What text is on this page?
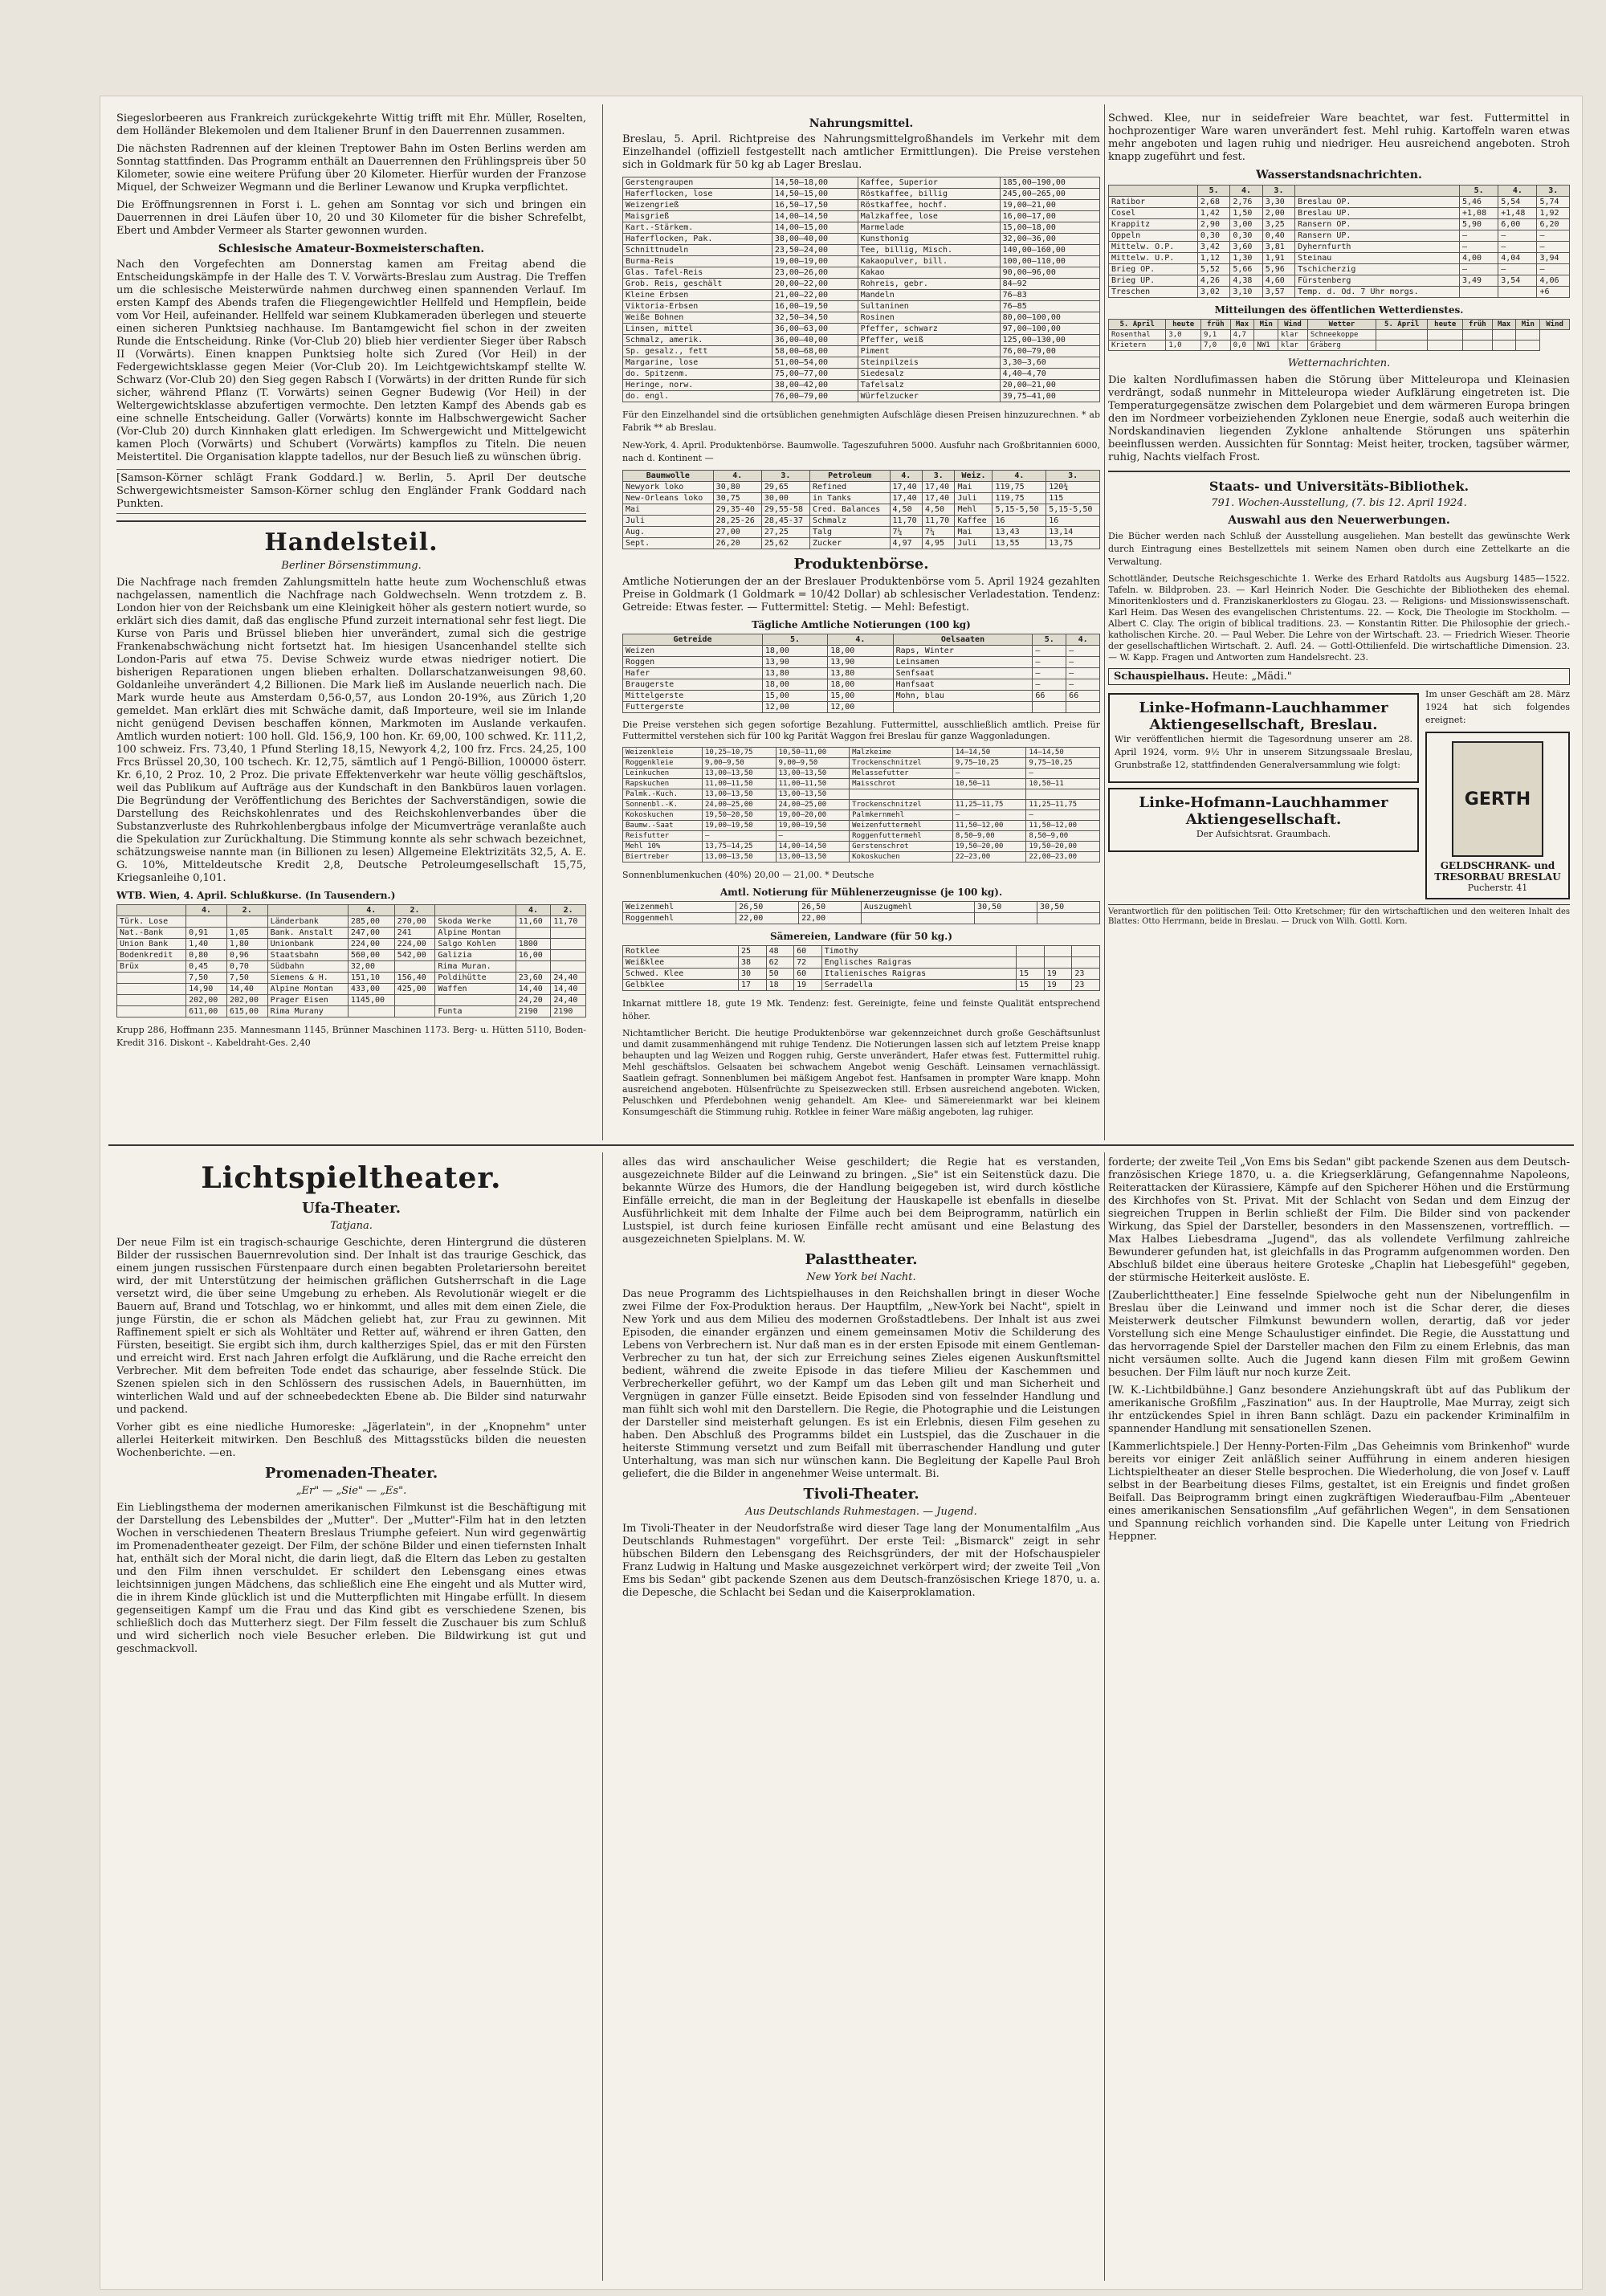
Siegeslorbeeren aus Frankreich zurückgekehrte Wittig trifft mit Ehr. Müller, Roselten, dem Holländer Blekemolen und dem Italiener Brunf in den Dauerrennen zusammen.

Die nächsten Radrennen auf der kleinen Treptower Bahn im Osten Berlins werden am Sonntag stattfinden. Das Programm enthält an Dauerrennen den Frühlingspreis über 50 Kilometer, sowie eine weitere Prüfung über 20 Kilometer. Hierfür wurden der Franzose Miquel, der Schweizer Wegmann und die Berliner Lewanow und Krupka verpflichtet.

Die Eröffnungsrennen in Forst i. L. gehen am Sonntag vor sich und bringen ein Dauerrennen in drei Läufen über 10, 20 und 30 Kilometer für die bisher Schrefelbt, Ebert und Ambder Vermeer als Starter gewonnen wurden.

Schlesische Amateur-Boxmeisterschaften.

Nach den Vorgefechten am Donnerstag kamen am Freitag abend die Entscheidungskämpfe in der Halle des T. V. Vorwärts-Breslau zum Austrag. Die Treffen um die schlesische Meisterwürde nahmen durchweg einen spannenden Verlauf. Im ersten Kampf des Abends trafen die Fliegengewichtler Hellfeld und Hempflein, beide vom Vor Heil, aufeinander. Hellfeld war seinem Klubkameraden überlegen und steuerte einen sicheren Punktsieg nachhause. Im Bantamgewicht fiel schon in der zweiten Runde die Entscheidung. Rinke (Vor-Club 20) blieb hier verdienter Sieger über Rabsch II (Vorwärts). Einen knappen Punktsieg holte sich Zured (Vor Heil) in der Federgewichtsklasse gegen Meier (Vor-Club 20). Im Leichtgewichtskampf stellte W. Schwarz (Vor-Club 20) den Sieg gegen Rabsch I (Vorwärts) in der dritten Runde für sich sicher, während Pflanz (T. Vorwärts) seinen Gegner Budewig (Vor Heil) in der Weltergewichtsklasse abzufertigen vermochte. Den letzten Kampf des Abends gab es eine schnelle Entscheidung. Galler (Vorwärts) konnte im Halbschwergewicht Sacher (Vor-Club 20) durch Kinnhaken glatt erledigen. Im Schwergewicht und Mittelgewicht kamen Ploch (Vorwärts) und Schubert (Vorwärts) kampflos zu Titeln. Die neuen Meistertitel. Die Organisation klappte tadellos, nur der Besuch ließ zu wünschen übrig.

[Samson-Körner schlägt Frank Goddard.] w. Berlin, 5. April Der deutsche Schwergewichtsmeister Samson-Körner schlug den Engländer Frank Goddard nach Punkten.

Handelsteil.
Berliner Börsenstimmung.

Die Nachfrage nach fremden Zahlungsmitteln hatte heute zum Wochenschluß etwas nachgelassen, namentlich die Nachfrage nach Goldwechseln. Wenn trotzdem z. B. London hier von der Reichsbank um eine Kleinigkeit höher als gestern notiert wurde, so erklärt sich dies damit, daß das englische Pfund zurzeit international sehr fest liegt. Die Kurse von Paris und Brüssel blieben hier unverändert, zumal sich die gestrige Frankenabschwächung nicht fortsetzt hat. Im hiesigen Usancenhandel stellte sich London-Paris auf etwa 75. Devise Schweiz wurde etwas niedriger notiert. Die bisherigen Reparationen ungen blieben erhalten. Dollarschatzanweisungen 98,60. Goldanleihe unverändert 4,2 Billionen. Die Mark ließ im Auslande neuerlich nach. Die Mark wurde heute aus Amsterdam 0,56-0,57, aus London 20-19%, aus Zürich 1,20 gemeldet. Man erklärt dies mit Schwäche damit, daß Importeure, weil sie im Inlande nicht genügend Devisen beschaffen können, Markmoten im Auslande verkaufen. Amtlich wurden notiert: 100 holl. Gld. 156,9, 100 hon. Kr. 69,00, 100 schwed. Kr. 111,2, 100 schweiz. Frs. 73,40, 1 Pfund Sterling 18,15, Newyork 4,2, 100 frz. Frcs. 24,25, 100 Frcs Brüssel 20,30, 100 tschech. Kr. 12,75, sämtlich auf 1 Pengö-Billion, 100000 österr. Kr. 6,10, 2 Proz. 10, 2 Proz. Die private Effektenverkehr war heute völlig geschäftslos, weil das Publikum auf Aufträge aus der Kundschaft in den Bankbüros lauen vorlagen. Die Begründung der Veröffentlichung des Berichtes der Sachverständigen, sowie die Darstellung des Reichskohlenrates und des Reichskohlenverbandes über die Substanzverluste des Ruhrkohlenbergbaus infolge der Micumverträge veranlaßte auch die Spekulation zur Zurückhaltung. Die Stimmung konnte als sehr schwach bezeichnet, schätzungsweise nannte man (in Billionen zu lesen) Allgemeine Elektrizitäts 32,5, A. E. G. 10%, Mitteldeutsche Kredit 2,8, Deutsche Petroleumgesellschaft 15,75, Kriegsanleihe 0,101.

WTB. Wien, 4. April. Schlußkurse. (In Tausendern.)
	4.	2.		4.	2.		4.	2.
Türk. Lose			Länderbank	285,00	270,00	Skoda Werke	11,60	11,70
Nat.-Bank	0,91	1,05	Bank. Anstalt	247,00	241	Alpine Montan		
Union Bank	1,40	1,80	Unionbank	224,00	224,00	Salgo Kohlen	1800	
Bodenkredit	0,80	0,96	Staatsbahn	560,00	542,00	Galizia	16,00	
Brüx	0,45	0,70	Südbahn	32,00		Rima Muran.		
	7,50	7,50	Siemens & H.	151,10	156,40	Poldihütte	23,60	24,40
	14,90	14,40	Alpine Montan	433,00	425,00	Waffen	14,40	14,40
	202,00	202,00	Prager Eisen	1145,00			24,20	24,40
	611,00	615,00	Rima Murany			Funta	2190	2190

Krupp 286, Hoffmann 235. Mannesmann 1145, Brünner Maschinen 1173. Berg- u. Hütten 5110, Boden-Kredit 316. Diskont -. Kabeldraht-Ges. 2,40

Nahrungsmittel.

Breslau, 5. April. Richtpreise des Nahrungsmittelgroßhandels im Verkehr mit dem Einzelhandel (offiziell festgestellt nach amtlicher Ermittlungen). Die Preise verstehen sich in Goldmark für 50 kg ab Lager Breslau.

Gerstengraupen	14,50—18,00	Kaffee, Superior	185,00—190,00
Haferflocken, lose	14,50—15,00	Röstkaffee, billig	245,00—265,00
Weizengrieß	16,50—17,50	Röstkaffee, hochf.	19,00—21,00
Maisgrieß	14,00—14,50	Malzkaffee, lose	16,00—17,00
Kart.-Stärkem.	14,00—15,00	Marmelade	15,00—18,00
Haferflocken, Pak.	38,00—40,00	Kunsthonig	32,00—36,00
Schnittnudeln	23,50—24,00	Tee, billig, Misch.	140,00—160,00
Burma-Reis	19,00—19,00	Kakaopulver, bill.	100,00—110,00
Glas. Tafel-Reis	23,00—26,00	Kakao	90,00—96,00
Grob. Reis, geschält	20,00—22,00	Rohreis, gebr.	84—92
Kleine Erbsen	21,00—22,00	Mandeln	76—83
Viktoria-Erbsen	16,00—19,50	Sultaninen	76—85
Weiße Bohnen	32,50—34,50	Rosinen	80,00—100,00
Linsen, mittel	36,00—63,00	Pfeffer, schwarz	97,00—100,00
Schmalz, amerik.	36,00—40,00	Pfeffer, weiß	125,00—130,00
Sp. gesalz., fett	58,00—68,00	Piment	76,00—79,00
Margarine, lose	51,00—54,00	Steinpilzeis	3,30—3,60
do. Spitzenm.	75,00—77,00	Siedesalz	4,40—4,70
Heringe, norw.	38,00—42,00	Tafelsalz	20,00—21,00
do. engl.	76,00—79,00	Würfelzucker	39,75—41,00

Für den Einzelhandel sind die ortsüblichen genehmigten Aufschläge diesen Preisen hinzuzurechnen. * ab Fabrik ** ab Breslau.

New-York, 4. April. Produktenbörse. Baumwolle. Tageszufuhren 5000. Ausfuhr nach Großbritannien 6000, nach d. Kontinent —

Baumwolle	4.	3.	Petroleum	4.	3.	Weiz.	4.	3.
Newyork loko	30,80	29,65	Refined	17,40	17,40	Mai	119,75	120¾
New-Orleans loko	30,75	30,00	in Tanks	17,40	17,40	Juli	119,75	115
Mai	29,35-40	29,55-58	Cred. Balances	4,50	4,50	Mehl	5,15-5,50	5,15-5,50
Juli	28,25-26	28,45-37	Schmalz	11,70	11,70	Kaffee	16	16
Aug.	27,00	27,25	Talg	7¼	7¼	Mai	13,43	13,14
Sept.	26,20	25,62	Zucker	4,97	4,95	Juli	13,55	13,75
Produktenbörse.

Amtliche Notierungen der an der Breslauer Produktenbörse vom 5. April 1924 gezahlten Preise in Goldmark (1 Goldmark = 10/42 Dollar) ab schlesischer Verladestation. Tendenz: Getreide: Etwas fester. — Futtermittel: Stetig. — Mehl: Befestigt.

Tägliche Amtliche Notierungen (100 kg)
Getreide	5.	4.	Oelsaaten	5.	4.
Weizen	18,00	18,00	Raps, Winter	—	—
Roggen	13,90	13,90	Leinsamen	—	—
Hafer	13,80	13,80	Senfsaat	—	—
Braugerste	18,00	18,00	Hanfsaat	—	—
Mittelgerste	15,00	15,00	Mohn, blau	66	66
Futtergerste	12,00	12,00			

Die Preise verstehen sich gegen sofortige Bezahlung. Futtermittel, ausschließlich amtlich. Preise für Futtermittel verstehen sich für 100 kg Parität Waggon frei Breslau für ganze Waggonladungen.

Weizenkleie	10,25—10,75	10,50—11,00	Malzkeime	14—14,50	14—14,50
Roggenkleie	9,00—9,50	9,00—9,50	Trockenschnitzel	9,75—10,25	9,75—10,25
Leinkuchen	13,00—13,50	13,00—13,50	Melassefutter	—	—
Rapskuchen	11,00—11,50	11,00—11,50	Maisschrot	10,50—11	10,50—11
Palmk.-Kuch.	13,00—13,50	13,00—13,50			
Sonnenbl.-K.	24,00—25,00	24,00—25,00	Trockenschnitzel	11,25—11,75	11,25—11,75
Kokoskuchen	19,50—20,50	19,00—20,00	Palmkernmehl	—	—
Baumw.-Saat	19,00—19,50	19,00—19,50	Weizenfuttermehl	11,50—12,00	11,50—12,00
Reisfutter	—	—	Roggenfuttermehl	8,50—9,00	8,50—9,00
Mehl 10%	13,75—14,25	14,00—14,50	Gerstenschrot	19,50—20,00	19,50—20,00
Biertreber	13,00—13,50	13,00—13,50	Kokoskuchen	22—23,00	22,00—23,00

Sonnenblumenkuchen (40%) 20,00 — 21,00. * Deutsche

Amtl. Notierung für Mühlenerzeugnisse (je 100 kg).
Weizenmehl	26,50	26,50	Auszugmehl	30,50	30,50
Roggenmehl	22,00	22,00			
Sämereien, Landware (für 50 kg.)
Rotklee	25	48	60	Timothy			
Weißklee	38	62	72	Englisches Raigras			
Schwed. Klee	30	50	60	Italienisches Raigras	15	19	23
Gelbklee	17	18	19	Serradella	15	19	23

Inkarnat mittlere 18, gute 19 Mk. Tendenz: fest. Gereinigte, feine und feinste Qualität entsprechend höher.

Nichtamtlicher Bericht. Die heutige Produktenbörse war gekennzeichnet durch große Geschäftsunlust und damit zusammenhängend mit ruhige Tendenz. Die Notierungen lassen sich auf letztem Preise knapp behaupten und lag Weizen und Roggen ruhig, Gerste unverändert, Hafer etwas fest. Futtermittel ruhig. Mehl geschäftslos. Gelsaaten bei schwachem Angebot wenig Geschäft. Leinsamen vernachlässigt. Saatlein gefragt. Sonnenblumen bei mäßigem Angebot fest. Hanfsamen in prompter Ware knapp. Mohn ausreichend angeboten. Hülsenfrüchte zu Speisezwecken still. Erbsen ausreichend angeboten. Wicken, Peluschken und Pferdebohnen wenig gehandelt. Am Klee- und Sämereienmarkt war bei kleinem Konsumgeschäft die Stimmung ruhig. Rotklee in feiner Ware mäßig angeboten, lag ruhiger.

Schwed. Klee, nur in seidefreier Ware beachtet, war fest. Futtermittel in hochprozentiger Ware waren unverändert fest. Mehl ruhig. Kartoffeln waren etwas mehr angeboten und lagen ruhig und niedriger. Heu ausreichend angeboten. Stroh knapp zugeführt und fest.

Wasserstandsnachrichten.
	5.	4.	3.		5.	4.	3.
Ratibor	2,68	2,76	3,30	Breslau OP.	5,46	5,54	5,74
Cosel	1,42	1,50	2,00	Breslau UP.	+1,08	+1,48	1,92
Krappitz	2,90	3,00	3,25	Ransern OP.	5,90	6,00	6,20
Oppeln	0,30	0,30	0,40	Ransern UP.	—	—	—
Mittelw. O.P.	3,42	3,60	3,81	Dyhernfurth	—	—	—
Mittelw. U.P.	1,12	1,30	1,91	Steinau	4,00	4,04	3,94
Brieg OP.	5,52	5,66	5,96	Tschicherzig	—	—	—
Brieg UP.	4,26	4,38	4,60	Fürstenberg	3,49	3,54	4,06
Treschen	3,02	3,10	3,57	Temp. d. Od. 7 Uhr morgs.			+6
Mitteilungen des öffentlichen Wetterdienstes.
5. April	heute	früh	Max	Min	Wind	Wetter	5. April	heute	früh	Max	Min	Wind
Rosenthal	3,0	9,1	4,7		klar	Schneekoppe						
Krietern	1,0	7,0	0,0	NW1	klar	Gräberg						
Wetternachrichten.

Die kalten Nordlufimassen haben die Störung über Mitteleuropa und Kleinasien verdrängt, sodaß nunmehr in Mitteleuropa wieder Aufklärung eingetreten ist. Die Temperaturgegensätze zwischen dem Polargebiet und dem wärmeren Europa bringen den im Nordmeer vorbeiziehenden Zyklonen neue Energie, sodaß auch weiterhin die Nordskandinavien liegenden Zyklone anhaltende Störungen uns späterhin beeinflussen werden. Aussichten für Sonntag: Meist heiter, trocken, tagsüber wärmer, ruhig, Nachts vielfach Frost.

Staats- und Universitäts-Bibliothek.
791. Wochen-Ausstellung, (7. bis 12. April 1924.
Auswahl aus den Neuerwerbungen.

Die Bücher werden nach Schluß der Ausstellung ausgeliehen. Man bestellt das gewünschte Werk durch Eintragung eines Bestellzettels mit seinem Namen oben durch eine Zettelkarte an die Verwaltung.

Schottländer, Deutsche Reichsgeschichte 1. Werke des Erhard Ratdolts aus Augsburg 1485—1522. Tafeln. w. Bildproben. 23. — Karl Heinrich Noder. Die Geschichte der Bibliotheken des ehemal. Minoritenklosters und d. Franziskanerklosters zu Glogau. 23. — Religions- und Missionswissenschaft. Karl Heim. Das Wesen des evangelischen Christentums. 22. — Kock, Die Theologie im Stockholm. — Albert C. Clay. The origin of biblical traditions. 23. — Konstantin Ritter. Die Philosophie der griech.-katholischen Kirche. 20. — Paul Weber. Die Lehre von der Wirtschaft. 23. — Friedrich Wieser. Theorie der gesellschaftlichen Wirtschaft. 2. Aufl. 24. — Gottl-Ottilienfeld. Die wirtschaftliche Dimension. 23. — W. Kapp. Fragen und Antworten zum Handelsrecht. 23.

Schauspielhaus. Heute: „Mädi."
Linke-Hofmann-Lauchhammer Aktiengesellschaft, Breslau.

Wir veröffentlichen hiermit die Tagesordnung unserer am 28. April 1924, vorm. 9½ Uhr in unserem Sitzungssaale Breslau, Grunbstraße 12, stattfindenden Generalversammlung wie folgt:

Linke-Hofmann-Lauchhammer Aktiengesellschaft.

Der Aufsichtsrat. Graumbach.

Im unser Geschäft am 28. März 1924 hat sich folgendes ereignet:

GERTH
GELDSCHRANK- und TRESORBAU BRESLAU
Pucherstr. 41

Verantwortlich für den politischen Teil: Otto Kretschmer; für den wirtschaftlichen und den weiteren Inhalt des Blattes: Otto Herrmann, beide in Breslau. — Druck von Wilh. Gottl. Korn.

Lichtspieltheater.
Ufa-Theater.
Tatjana.

Der neue Film ist ein tragisch-schaurige Geschichte, deren Hintergrund die düsteren Bilder der russischen Bauernrevolution sind. Der Inhalt ist das traurige Geschick, das einem jungen russischen Fürstenpaare durch einen begabten Proletariersohn bereitet wird, der mit Unterstützung der heimischen gräflichen Gutsherrschaft in die Lage versetzt wird, die über seine Umgebung zu erheben. Als Revolutionär wiegelt er die Bauern auf, Brand und Totschlag, wo er hinkommt, und alles mit dem einen Ziele, die junge Fürstin, die er schon als Mädchen geliebt hat, zur Frau zu gewinnen. Mit Raffinement spielt er sich als Wohltäter und Retter auf, während er ihren Gatten, den Fürsten, beseitigt. Sie ergibt sich ihm, durch kaltherziges Spiel, das er mit den Fürsten und erreicht wird. Erst nach Jahren erfolgt die Aufklärung, und die Rache erreicht den Verbrecher. Mit dem befreiten Tode endet das schaurige, aber fesselnde Stück. Die Szenen spielen sich in den Schlössern des russischen Adels, in Bauernhütten, im winterlichen Wald und auf der schneebedeckten Ebene ab. Die Bilder sind naturwahr und packend.

Vorher gibt es eine niedliche Humoreske: „Jägerlatein", in der „Knopnehm" unter allerlei Heiterkeit mitwirken. Den Beschluß des Mittagsstücks bilden die neuesten Wochenberichte. —en.

Promenaden-Theater.
„Er" — „Sie" — „Es".

Ein Lieblingsthema der modernen amerikanischen Filmkunst ist die Beschäftigung mit der Darstellung des Lebensbildes der „Mutter". Der „Mutter"-Film hat in den letzten Wochen in verschiedenen Theatern Breslaus Triumphe gefeiert. Nun wird gegenwärtig im Promenadentheater gezeigt. Der Film, der schöne Bilder und einen tiefernsten Inhalt hat, enthält sich der Moral nicht, die darin liegt, daß die Eltern das Leben zu gestalten und den Film ihnen verschuldet. Er schildert den Lebensgang eines etwas leichtsinnigen jungen Mädchens, das schließlich eine Ehe eingeht und als Mutter wird, die in ihrem Kinde glücklich ist und die Mutterpflichten mit Hingabe erfüllt. In diesem gegenseitigen Kampf um die Frau und das Kind gibt es verschiedene Szenen, bis schließlich doch das Mutterherz siegt. Der Film fesselt die Zuschauer bis zum Schluß und wird sicherlich noch viele Besucher erleben. Die Bildwirkung ist gut und geschmackvoll.

alles das wird anschaulicher Weise geschildert; die Regie hat es verstanden, ausgezeichnete Bilder auf die Leinwand zu bringen. „Sie" ist ein Seitenstück dazu. Die bekannte Würze des Humors, die der Handlung beigegeben ist, wird durch köstliche Einfälle erreicht, die man in der Begleitung der Hauskapelle ist ebenfalls in dieselbe Ausführlichkeit mit dem Inhalte der Filme auch bei dem Beiprogramm, natürlich ein Lustspiel, ist durch feine kuriosen Einfälle recht amüsant und eine Belastung des ausgezeichneten Spielplans. M. W.

Palasttheater.
New York bei Nacht.

Das neue Programm des Lichtspielhauses in den Reichshallen bringt in dieser Woche zwei Filme der Fox-Produktion heraus. Der Hauptfilm, „New-York bei Nacht", spielt in New York und aus dem Milieu des modernen Großstadtlebens. Der Inhalt ist aus zwei Episoden, die einander ergänzen und einem gemeinsamen Motiv die Schilderung des Lebens von Verbrechern ist. Nur daß man es in der ersten Episode mit einem Gentleman-Verbrecher zu tun hat, der sich zur Erreichung seines Zieles eigenen Auskunftsmittel bedient, während die zweite Episode in das tiefere Milieu der Kaschemmen und Verbrecherkeller geführt, wo der Kampf um das Leben gilt und man Sicherheit und Vergnügen in ganzer Fülle einsetzt. Beide Episoden sind von fesselnder Handlung und man fühlt sich wohl mit den Darstellern. Die Regie, die Photographie und die Leistungen der Darsteller sind meisterhaft gelungen. Es ist ein Erlebnis, diesen Film gesehen zu haben. Den Abschluß des Programms bildet ein Lustspiel, das die Zuschauer in die heiterste Stimmung versetzt und zum Beifall mit überraschender Handlung und guter Unterhaltung, was man sich nur wünschen kann. Die Begleitung der Kapelle Paul Broh geliefert, die die Bilder in angenehmer Weise untermalt. Bi.

Tivoli-Theater.
Aus Deutschlands Ruhmestagen. — Jugend.

Im Tivoli-Theater in der Neudorfstraße wird dieser Tage lang der Monumentalfilm „Aus Deutschlands Ruhmestagen" vorgeführt. Der erste Teil: „Bismarck" zeigt in sehr hübschen Bildern den Lebensgang des Reichsgründers, der mit der Hofschauspieler Franz Ludwig in Haltung und Maske ausgezeichnet verkörpert wird; der zweite Teil „Von Ems bis Sedan" gibt packende Szenen aus dem Deutsch-französischen Kriege 1870, u. a. die Depesche, die Schlacht bei Sedan und die Kaiserproklamation.

forderte; der zweite Teil „Von Ems bis Sedan" gibt packende Szenen aus dem Deutsch-französischen Kriege 1870, u. a. die Kriegserklärung, Gefangennahme Napoleons, Reiterattacken der Kürassiere, Kämpfe auf den Spicherer Höhen und die Erstürmung des Kirchhofes von St. Privat. Mit der Schlacht von Sedan und dem Einzug der siegreichen Truppen in Berlin schließt der Film. Die Bilder sind von packender Wirkung, das Spiel der Darsteller, besonders in den Massenszenen, vortrefflich. — Max Halbes Liebesdrama „Jugend", das als vollendete Verfilmung zahlreiche Bewunderer gefunden hat, ist gleichfalls in das Programm aufgenommen worden. Den Abschluß bildet eine überaus heitere Groteske „Chaplin hat Liebesgefühl" gegeben, der stürmische Heiterkeit auslöste. E.

[Zauberlichttheater.] Eine fesselnde Spielwoche geht nun der Nibelungenfilm in Breslau über die Leinwand und immer noch ist die Schar derer, die dieses Meisterwerk deutscher Filmkunst bewundern wollen, derartig, daß vor jeder Vorstellung sich eine Menge Schaulustiger einfindet. Die Regie, die Ausstattung und das hervorragende Spiel der Darsteller machen den Film zu einem Erlebnis, das man nicht versäumen sollte. Auch die Jugend kann diesen Film mit großem Gewinn besuchen. Der Film läuft nur noch kurze Zeit.

[W. K.-Lichtbildbühne.] Ganz besondere Anziehungskraft übt auf das Publikum der amerikanische Großfilm „Faszination" aus. In der Hauptrolle, Mae Murray, zeigt sich ihr entzückendes Spiel in ihren Bann schlägt. Dazu ein packender Kriminalfilm in spannender Handlung mit sensationellen Szenen.

[Kammerlichtspiele.] Der Henny-Porten-Film „Das Geheimnis vom Brinkenhof" wurde bereits vor einiger Zeit anläßlich seiner Aufführung in einem anderen hiesigen Lichtspieltheater an dieser Stelle besprochen. Die Wiederholung, die von Josef v. Lauff selbst in der Bearbeitung dieses Films, gestaltet, ist ein Ereignis und findet großen Beifall. Das Beiprogramm bringt einen zugkräftigen Wiederaufbau-Film „Abenteuer eines amerikanischen Sensationsfilm „Auf gefährlichen Wegen", in dem Sensationen und Spannung reichlich vorhanden sind. Die Kapelle unter Leitung von Friedrich Heppner.
